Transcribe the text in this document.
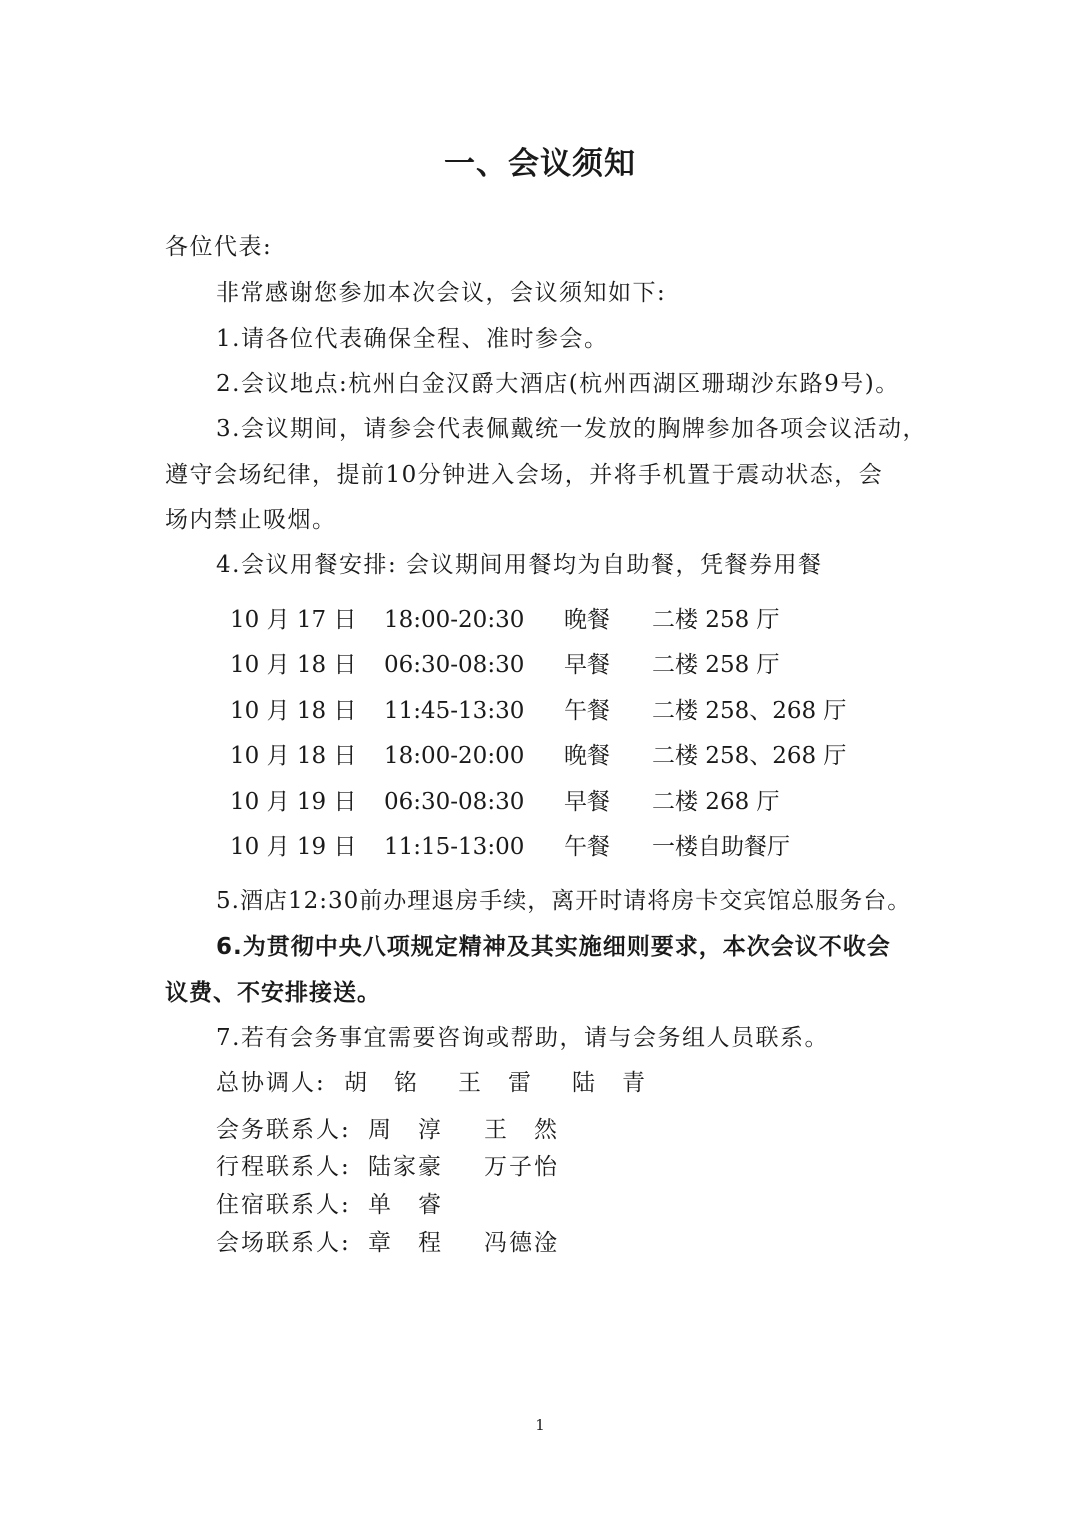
一、会议须知
各位代表:
非常感谢您参加本次会议，会议须知如下:
1.请各位代表确保全程、准时参会。
2.会议地点:杭州白金汉爵大酒店(杭州西湖区珊瑚沙东路9号)。
3.会议期间，请参会代表佩戴统一发放的胸牌参加各项会议活动，
遵守会场纪律，提前10分钟进入会场，并将手机置于震动状态，会
场内禁止吸烟。
4.会议用餐安排: 会议期间用餐均为自助餐，凭餐券用餐
10 月 17 日 18:00-20:30 晚餐 二楼 258 厅
10 月 18 日 06:30-08:30 早餐 二楼 258 厅
10 月 18 日 11:45-13:30 午餐 二楼 258、268 厅
10 月 18 日 18:00-20:00 晚餐 二楼 258、268 厅
10 月 19 日 06:30-08:30 早餐 二楼 268 厅
10 月 19 日 11:15-13:00 午餐 一楼自助餐厅
5.酒店12:30前办理退房手续，离开时请将房卡交宾馆总服务台。
6.为贯彻中央八项规定精神及其实施细则要求，本次会议不收会
议费、不安排接送。
7.若有会务事宜需要咨询或帮助，请与会务组人员联系。
总协调人: 胡　铭 王　雷 陆　青
会务联系人: 周　淳 王　然
行程联系人: 陆家豪 万子怡
住宿联系人: 单　睿
会场联系人: 章　程 冯德淦
1
